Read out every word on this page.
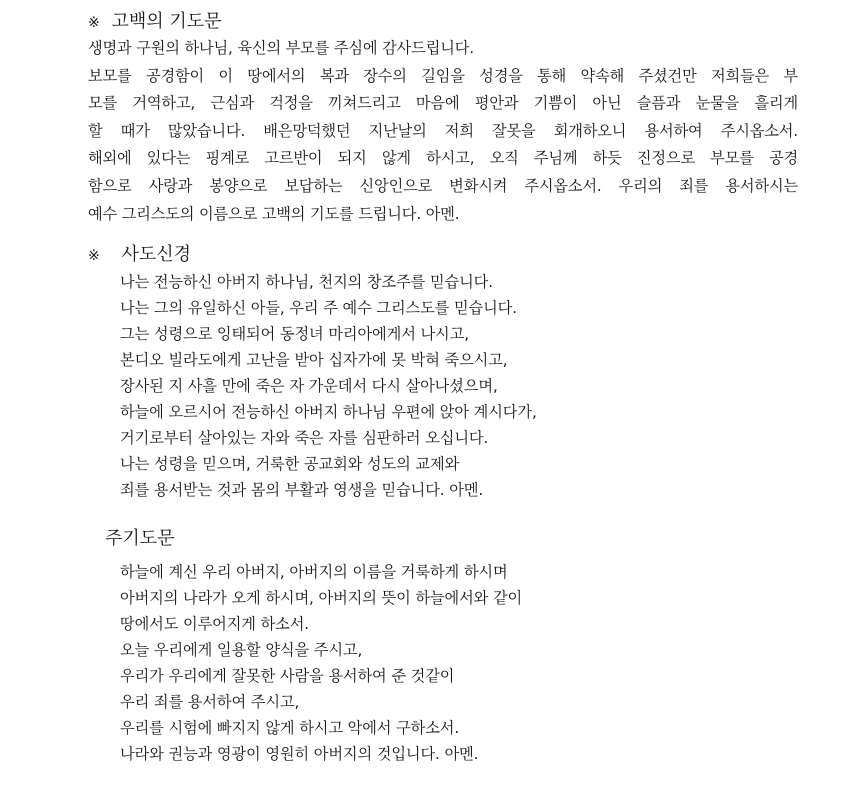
※ 고백의 기도문
생명과 구원의 하나님, 육신의 부모를 주심에 감사드립니다.
보모를 공경함이 이 땅에서의 복과 장수의 길임을 성경을 통해 약속해 주셨건만 저희들은 부
모를 거역하고, 근심과 걱정을 끼쳐드리고 마음에 평안과 기쁨이 아닌 슬픔과 눈물을 흘리게
할 때가 많았습니다. 배은망덕했던 지난날의 저희 잘못을 회개하오니 용서하여 주시옵소서.
해외에 있다는 핑계로 고르반이 되지 않게 하시고, 오직 주님께 하듯 진정으로 부모를 공경
함으로 사랑과 봉양으로 보답하는 신앙인으로 변화시켜 주시옵소서. 우리의 죄를 용서하시는
예수 그리스도의 이름으로 고백의 기도를 드립니다. 아멘.
※ 사도신경
나는 전능하신 아버지 하나님, 천지의 창조주를 믿습니다.
나는 그의 유일하신 아들, 우리 주 예수 그리스도를 믿습니다.
그는 성령으로 잉태되어 동정녀 마리아에게서 나시고,
본디오 빌라도에게 고난을 받아 십자가에 못 박혀 죽으시고,
장사된 지 사흘 만에 죽은 자 가운데서 다시 살아나셨으며,
하늘에 오르시어 전능하신 아버지 하나님 우편에 앉아 계시다가,
거기로부터 살아있는 자와 죽은 자를 심판하러 오십니다.
나는 성령을 믿으며, 거룩한 공교회와 성도의 교제와
죄를 용서받는 것과 몸의 부활과 영생을 믿습니다. 아멘.
주기도문
하늘에 계신 우리 아버지, 아버지의 이름을 거룩하게 하시며
아버지의 나라가 오게 하시며, 아버지의 뜻이 하늘에서와 같이
땅에서도 이루어지게 하소서.
오늘 우리에게 일용할 양식을 주시고,
우리가 우리에게 잘못한 사람을 용서하여 준 것같이
우리 죄를 용서하여 주시고,
우리를 시험에 빠지지 않게 하시고 악에서 구하소서.
나라와 권능과 영광이 영원히 아버지의 것입니다. 아멘.
